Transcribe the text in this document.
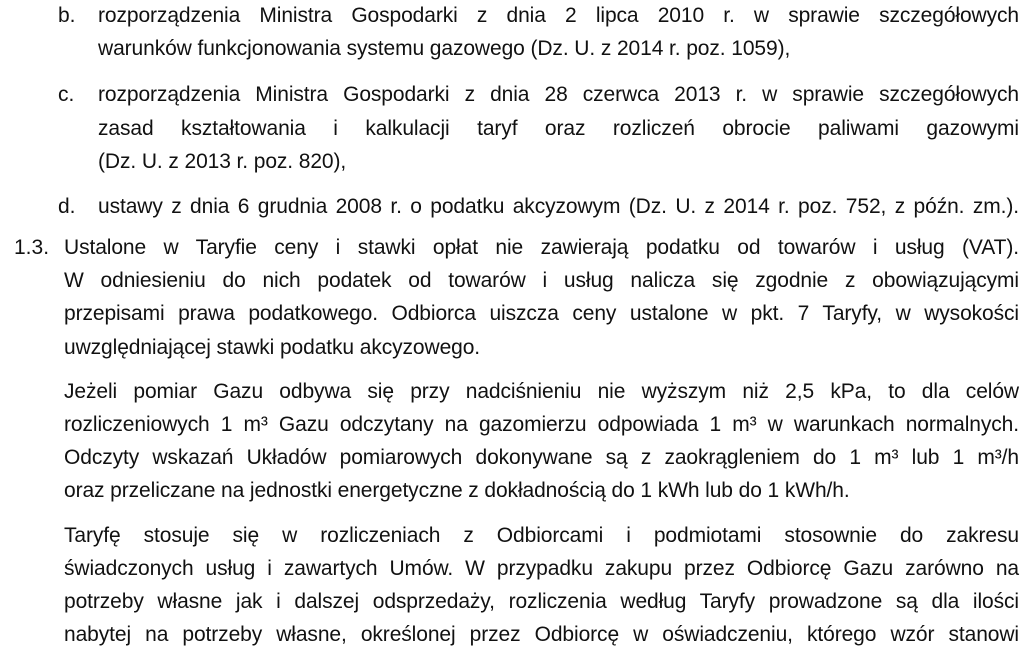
b. rozporządzenia Ministra Gospodarki z dnia 2 lipca 2010 r. w sprawie szczegółowych
warunków funkcjonowania systemu gazowego (Dz. U. z 2014 r. poz. 1059),
c. rozporządzenia Ministra Gospodarki z dnia 28 czerwca 2013 r. w sprawie szczegółowych
zasad kształtowania i kalkulacji taryf oraz rozliczeń obrocie paliwami gazowymi
(Dz. U. z 2013 r. poz. 820),
d. ustawy z dnia 6 grudnia 2008 r. o podatku akcyzowym (Dz. U. z 2014 r. poz. 752, z późn. zm.).
1.3. Ustalone w Taryfie ceny i stawki opłat nie zawierają podatku od towarów i usług (VAT).
W odniesieniu do nich podatek od towarów i usług nalicza się zgodnie z obowiązującymi
przepisami prawa podatkowego. Odbiorca uiszcza ceny ustalone w pkt. 7 Taryfy, w wysokości
uwzględniającej stawki podatku akcyzowego.
Jeżeli pomiar Gazu odbywa się przy nadciśnieniu nie wyższym niż 2,5 kPa, to dla celów
rozliczeniowych 1 m³ Gazu odczytany na gazomierzu odpowiada 1 m³ w warunkach normalnych.
Odczyty wskazań Układów pomiarowych dokonywane są z zaokrągleniem do 1 m³ lub 1 m³/h
oraz przeliczane na jednostki energetyczne z dokładnością do 1 kWh lub do 1 kWh/h.
Taryfę stosuje się w rozliczeniach z Odbiorcami i podmiotami stosownie do zakresu
świadczonych usług i zawartych Umów. W przypadku zakupu przez Odbiorcę Gazu zarówno na
potrzeby własne jak i dalszej odsprzedaży, rozliczenia według Taryfy prowadzone są dla ilości
nabytej na potrzeby własne, określonej przez Odbiorcę w oświadczeniu, którego wzór stanowi
